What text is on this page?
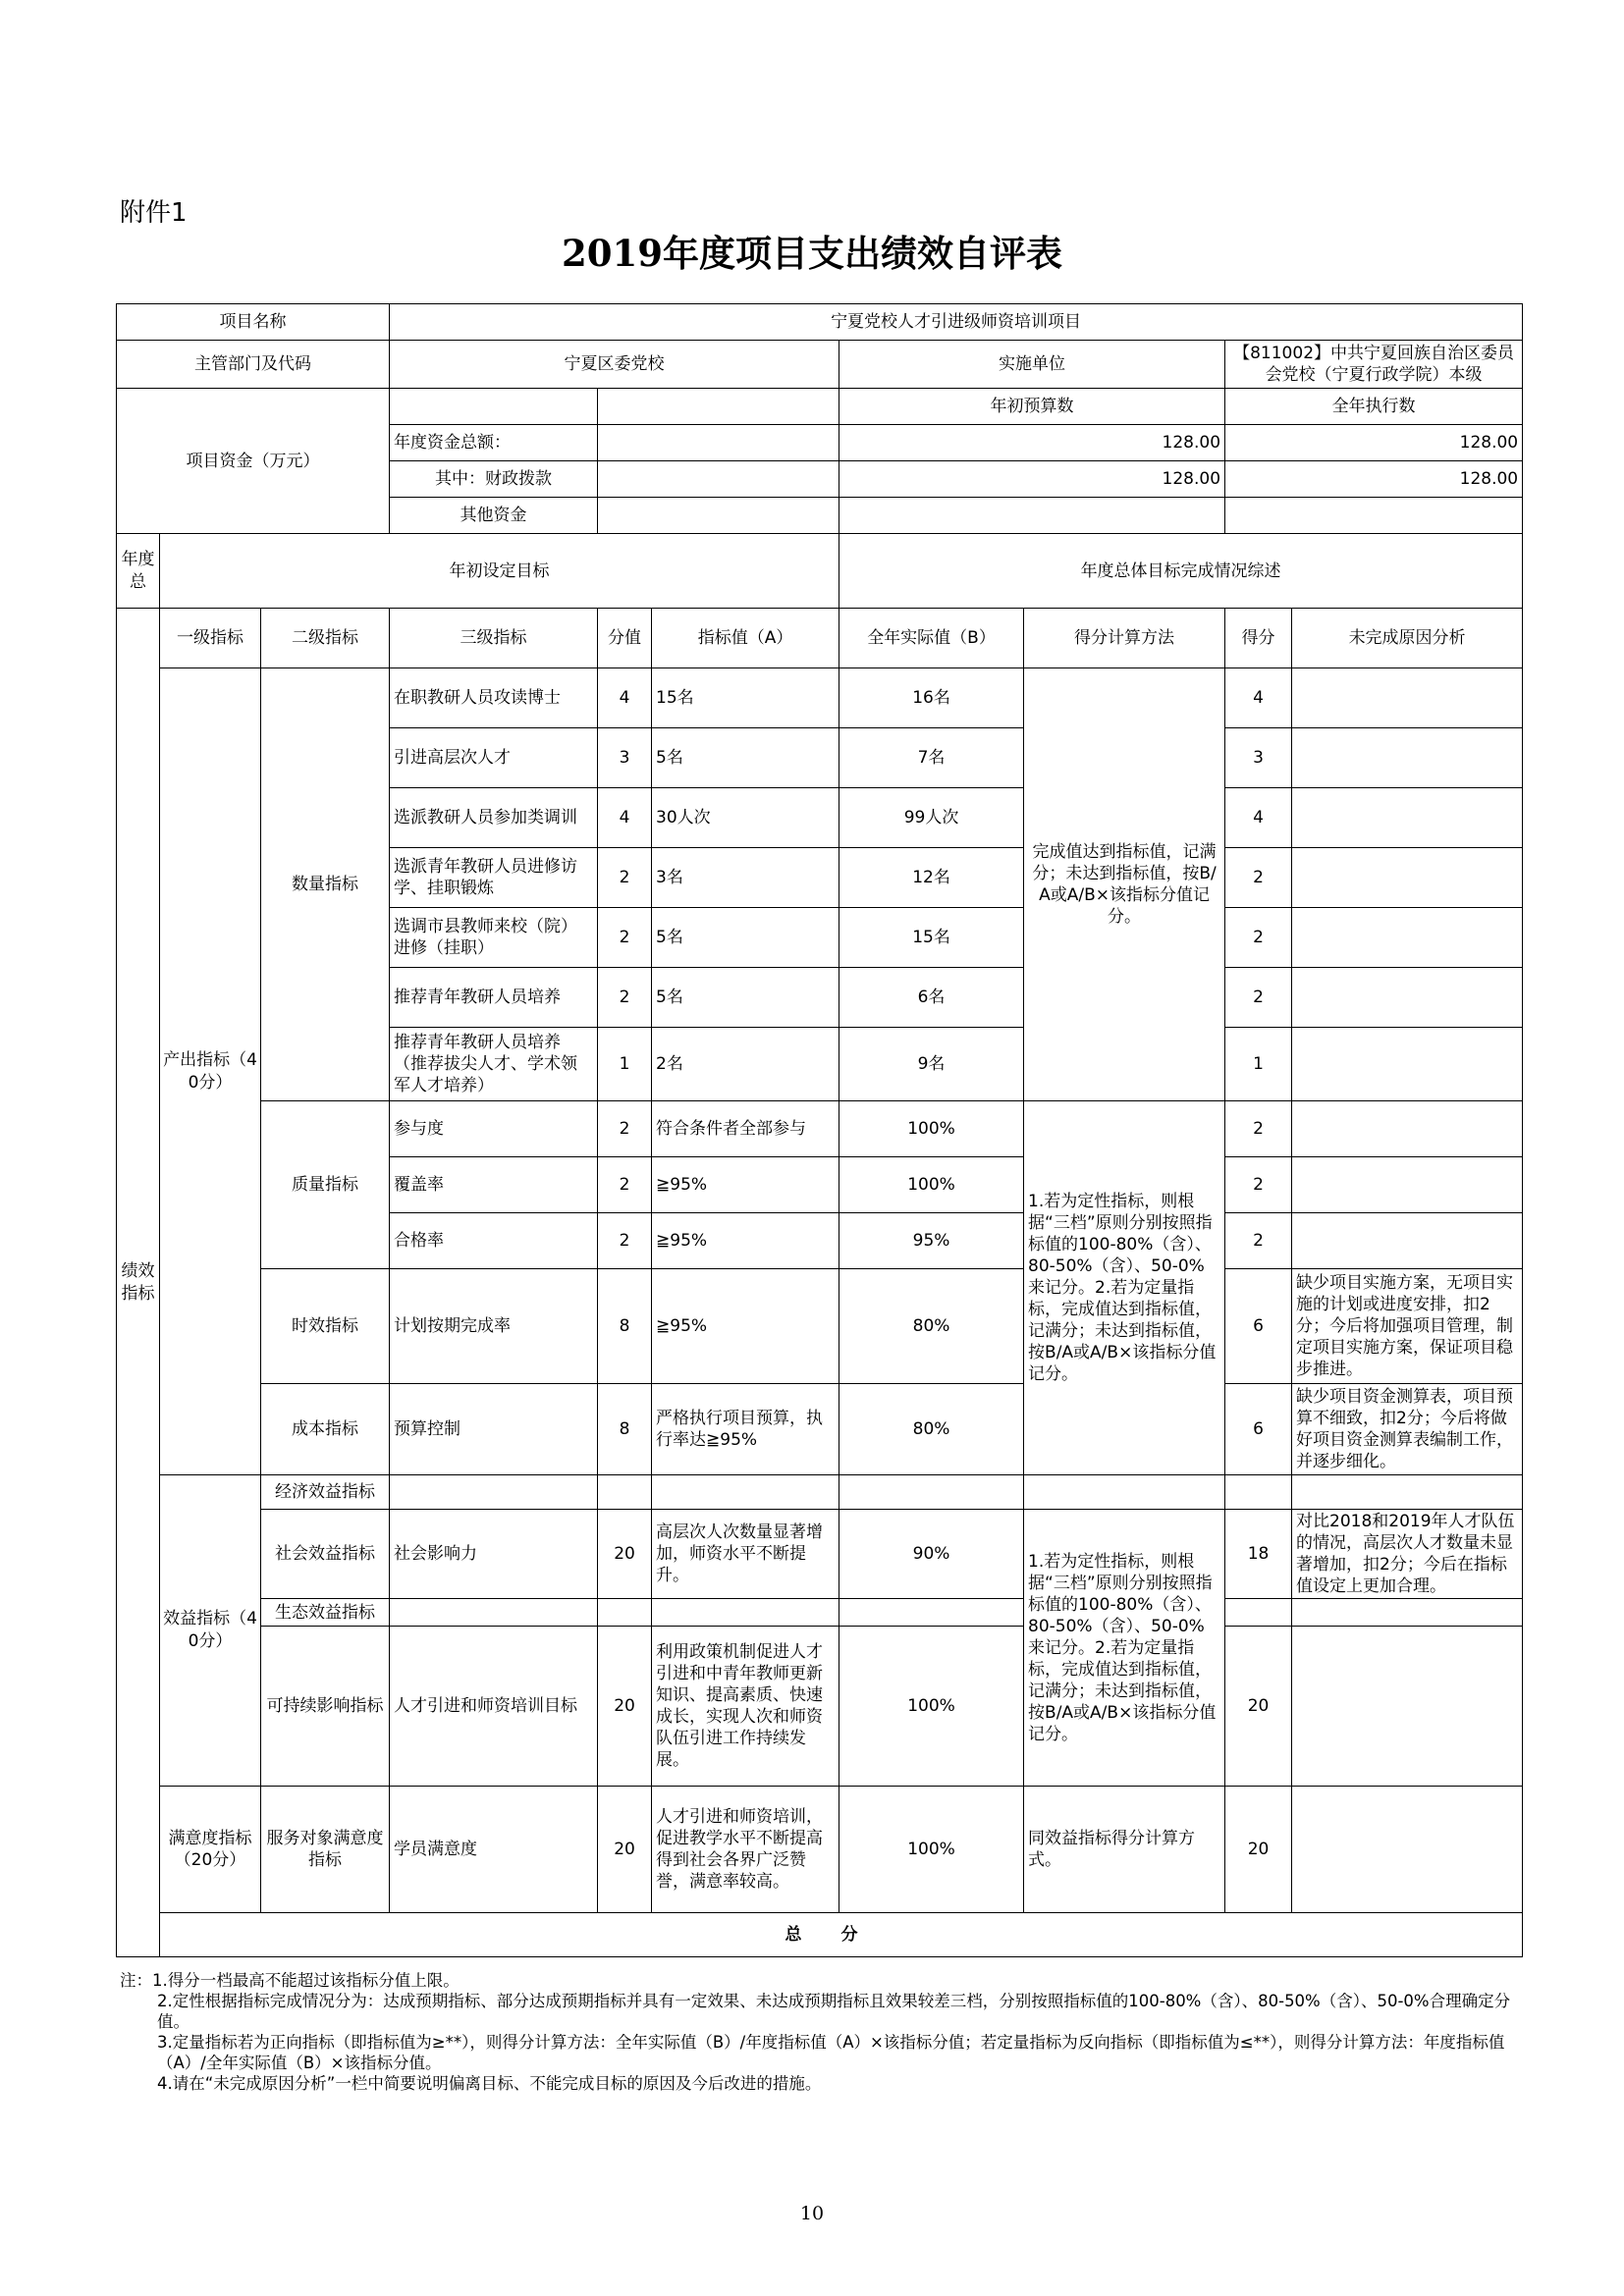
附件1
2019年度项目支出绩效自评表
项目名称			宁夏党校人才引进级师资培训项目							
主管部门及代码			宁夏区委党校			实施单位		【811002】中共宁夏回族自治区委员会党校（宁夏行政学院）本级		
项目资金（万元）						年初预算数		全年执行数		
			年度资金总额：			128.00		128.00		
			其中：财政拨款			128.00		128.00		
			其他资金							
年度总	年初设定目标					年度总体目标完成情况综述				
绩效指标	一级指标	二级指标	三级指标	分值	指标值（A）	全年实际值（B）	得分计算方法	得分	未完成原因分析	
	产出指标（40分）	数量指标	在职教研人员攻读博士	4	15名	16名	完成值达到指标值，记满分；未达到指标值，按B/A或A/B×该指标分值记分。	4		
			引进高层次人才	3	5名	7名		3		
			选派教研人员参加类调训	4	30人次	99人次		4		
			选派青年教研人员进修访学、挂职锻炼	2	3名	12名		2		
			选调市县教师来校（院）进修（挂职）	2	5名	15名		2		
			推荐青年教研人员培养	2	5名	6名		2		
			推荐青年教研人员培养（推荐拔尖人才、学术领军人才培养）	1	2名	9名		1		
		质量指标	参与度	2	符合条件者全部参与	100%	1.若为定性指标，则根据“三档”原则分别按照指标值的100-80%（含）、80-50%（含）、50-0%来记分。2.若为定量指标，完成值达到指标值，记满分；未达到指标值，按B/A或A/B×该指标分值记分。	2		
			覆盖率	2	≧95%	100%		2		
			合格率	2	≧95%	95%		2		
		时效指标	计划按期完成率	8	≧95%	80%		6	缺少项目实施方案，无项目实施的计划或进度安排，扣2分；今后将加强项目管理，制定项目实施方案，保证项目稳步推进。	
		成本指标	预算控制	8	严格执行项目预算，执行率达≧95%	80%		6	缺少项目资金测算表，项目预算不细致，扣2分；今后将做好项目资金测算表编制工作，并逐步细化。	
	效益指标（40分）	经济效益指标								
		社会效益指标	社会影响力	20	高层次人次数量显著增加，师资水平不断提升。	90%	1.若为定性指标，则根据“三档”原则分别按照指标值的100-80%（含）、80-50%（含）、50-0%来记分。2.若为定量指标，完成值达到指标值，记满分；未达到指标值，按B/A或A/B×该指标分值记分。	18	对比2018和2019年人才队伍的情况，高层次人才数量未显著增加，扣2分；今后在指标值设定上更加合理。	
		生态效益指标								
		可持续影响指标	人才引进和师资培训目标	20	利用政策机制促进人才引进和中青年教师更新知识、提高素质、快速成长，实现人次和师资队伍引进工作持续发展。	100%		20		
	满意度指标（20分）	服务对象满意度指标	学员满意度	20	人才引进和师资培训，促进教学水平不断提高得到社会各界广泛赞誉，满意率较高。	100%	同效益指标得分计算方式。	20		
	总分	

注：1.得分一档最高不能超过该指标分值上限。

2.定性根据指标完成情况分为：达成预期指标、部分达成预期指标并具有一定效果、未达成预期指标且效果较差三档，分别按照指标值的100-80%（含）、80-50%（含）、50-0%合理确定分值。

3.定量指标若为正向指标（即指标值为≥**），则得分计算方法：全年实际值（B）/年度指标值（A）×该指标分值；若定量指标为反向指标（即指标值为≤**），则得分计算方法：年度指标值（A）/全年实际值（B）×该指标分值。

4.请在“未完成原因分析”一栏中简要说明偏离目标、不能完成目标的原因及今后改进的措施。

10
